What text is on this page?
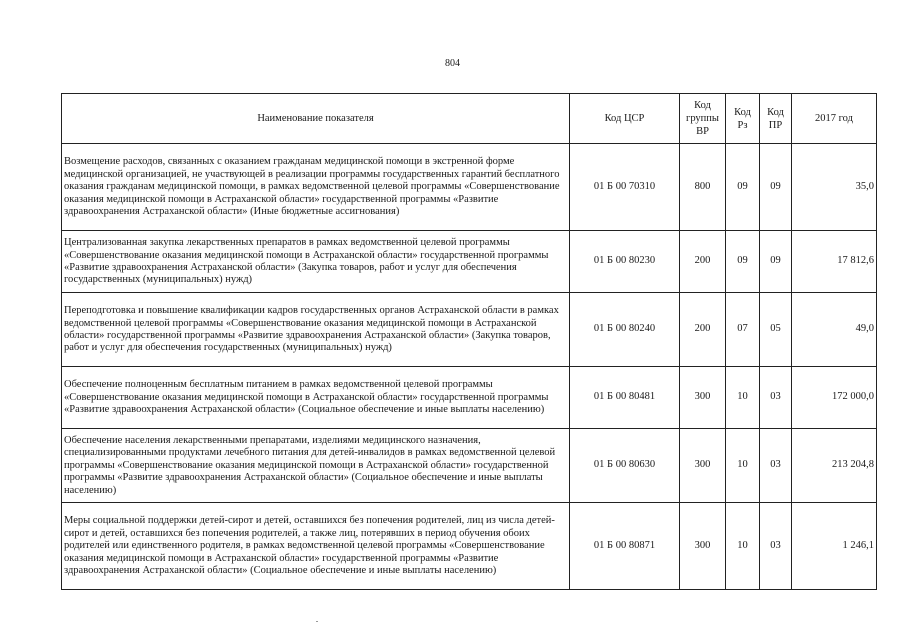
804
Наименование показателя	Код ЦСР	Код группы ВР	Код Рз	Код ПР	2017 год
Возмещение расходов, связанных с оказанием гражданам медицинской помощи в экстренной форме медицинской организацией, не участвующей в реализации программы государственных гарантий бесплатного оказания гражданам медицинской помощи, в рамках ведомственной целевой программы «Совершенствование оказания медицинской помощи в Астраханской области» государственной программы «Развитие здравоохранения Астраханской области» (Иные бюджетные ассигнования)	01 Б 00 70310	800	09	09	35,0
Централизованная закупка лекарственных препаратов в рамках ведомственной целевой программы «Совершенствование оказания медицинской помощи в Астраханской области» государственной программы «Развитие здравоохранения Астраханской области» (Закупка товаров, работ и услуг для обеспечения государственных (муниципальных) нужд)	01 Б 00 80230	200	09	09	17 812,6
Переподготовка и повышение квалификации кадров государственных органов Астраханской области в рамках ведомственной целевой программы «Совершенствование оказания медицинской помощи в Астраханской области» государственной программы «Развитие здравоохранения Астраханской области» (Закупка товаров, работ и услуг для обеспечения государственных (муниципальных) нужд)	01 Б 00 80240	200	07	05	49,0
Обеспечение полноценным бесплатным питанием в рамках ведомственной целевой программы «Совершенствование оказания медицинской помощи в Астраханской области» государственной программы «Развитие здравоохранения Астраханской области» (Социальное обеспечение и иные выплаты населению)	01 Б 00 80481	300	10	03	172 000,0
Обеспечение населения лекарственными препаратами, изделиями медицинского назначения, специализированными продуктами лечебного питания для детей-инвалидов в рамках ведомственной целевой программы «Совершенствование оказания медицинской помощи в Астраханской области» государственной программы «Развитие здравоохранения Астраханской области» (Социальное обеспечение и иные выплаты населению)	01 Б 00 80630	300	10	03	213 204,8
Меры социальной поддержки детей-сирот и детей, оставшихся без попечения родителей, лиц из числа детей-сирот и детей, оставшихся без попечения родителей, а также лиц, потерявших в период обучения обоих родителей или единственного родителя, в рамках ведомственной целевой программы «Совершенствование оказания медицинской помощи в Астраханской области» государственной программы «Развитие здравоохранения Астраханской области» (Социальное обеспечение и иные выплаты населению)	01 Б 00 80871	300	10	03	1 246,1
